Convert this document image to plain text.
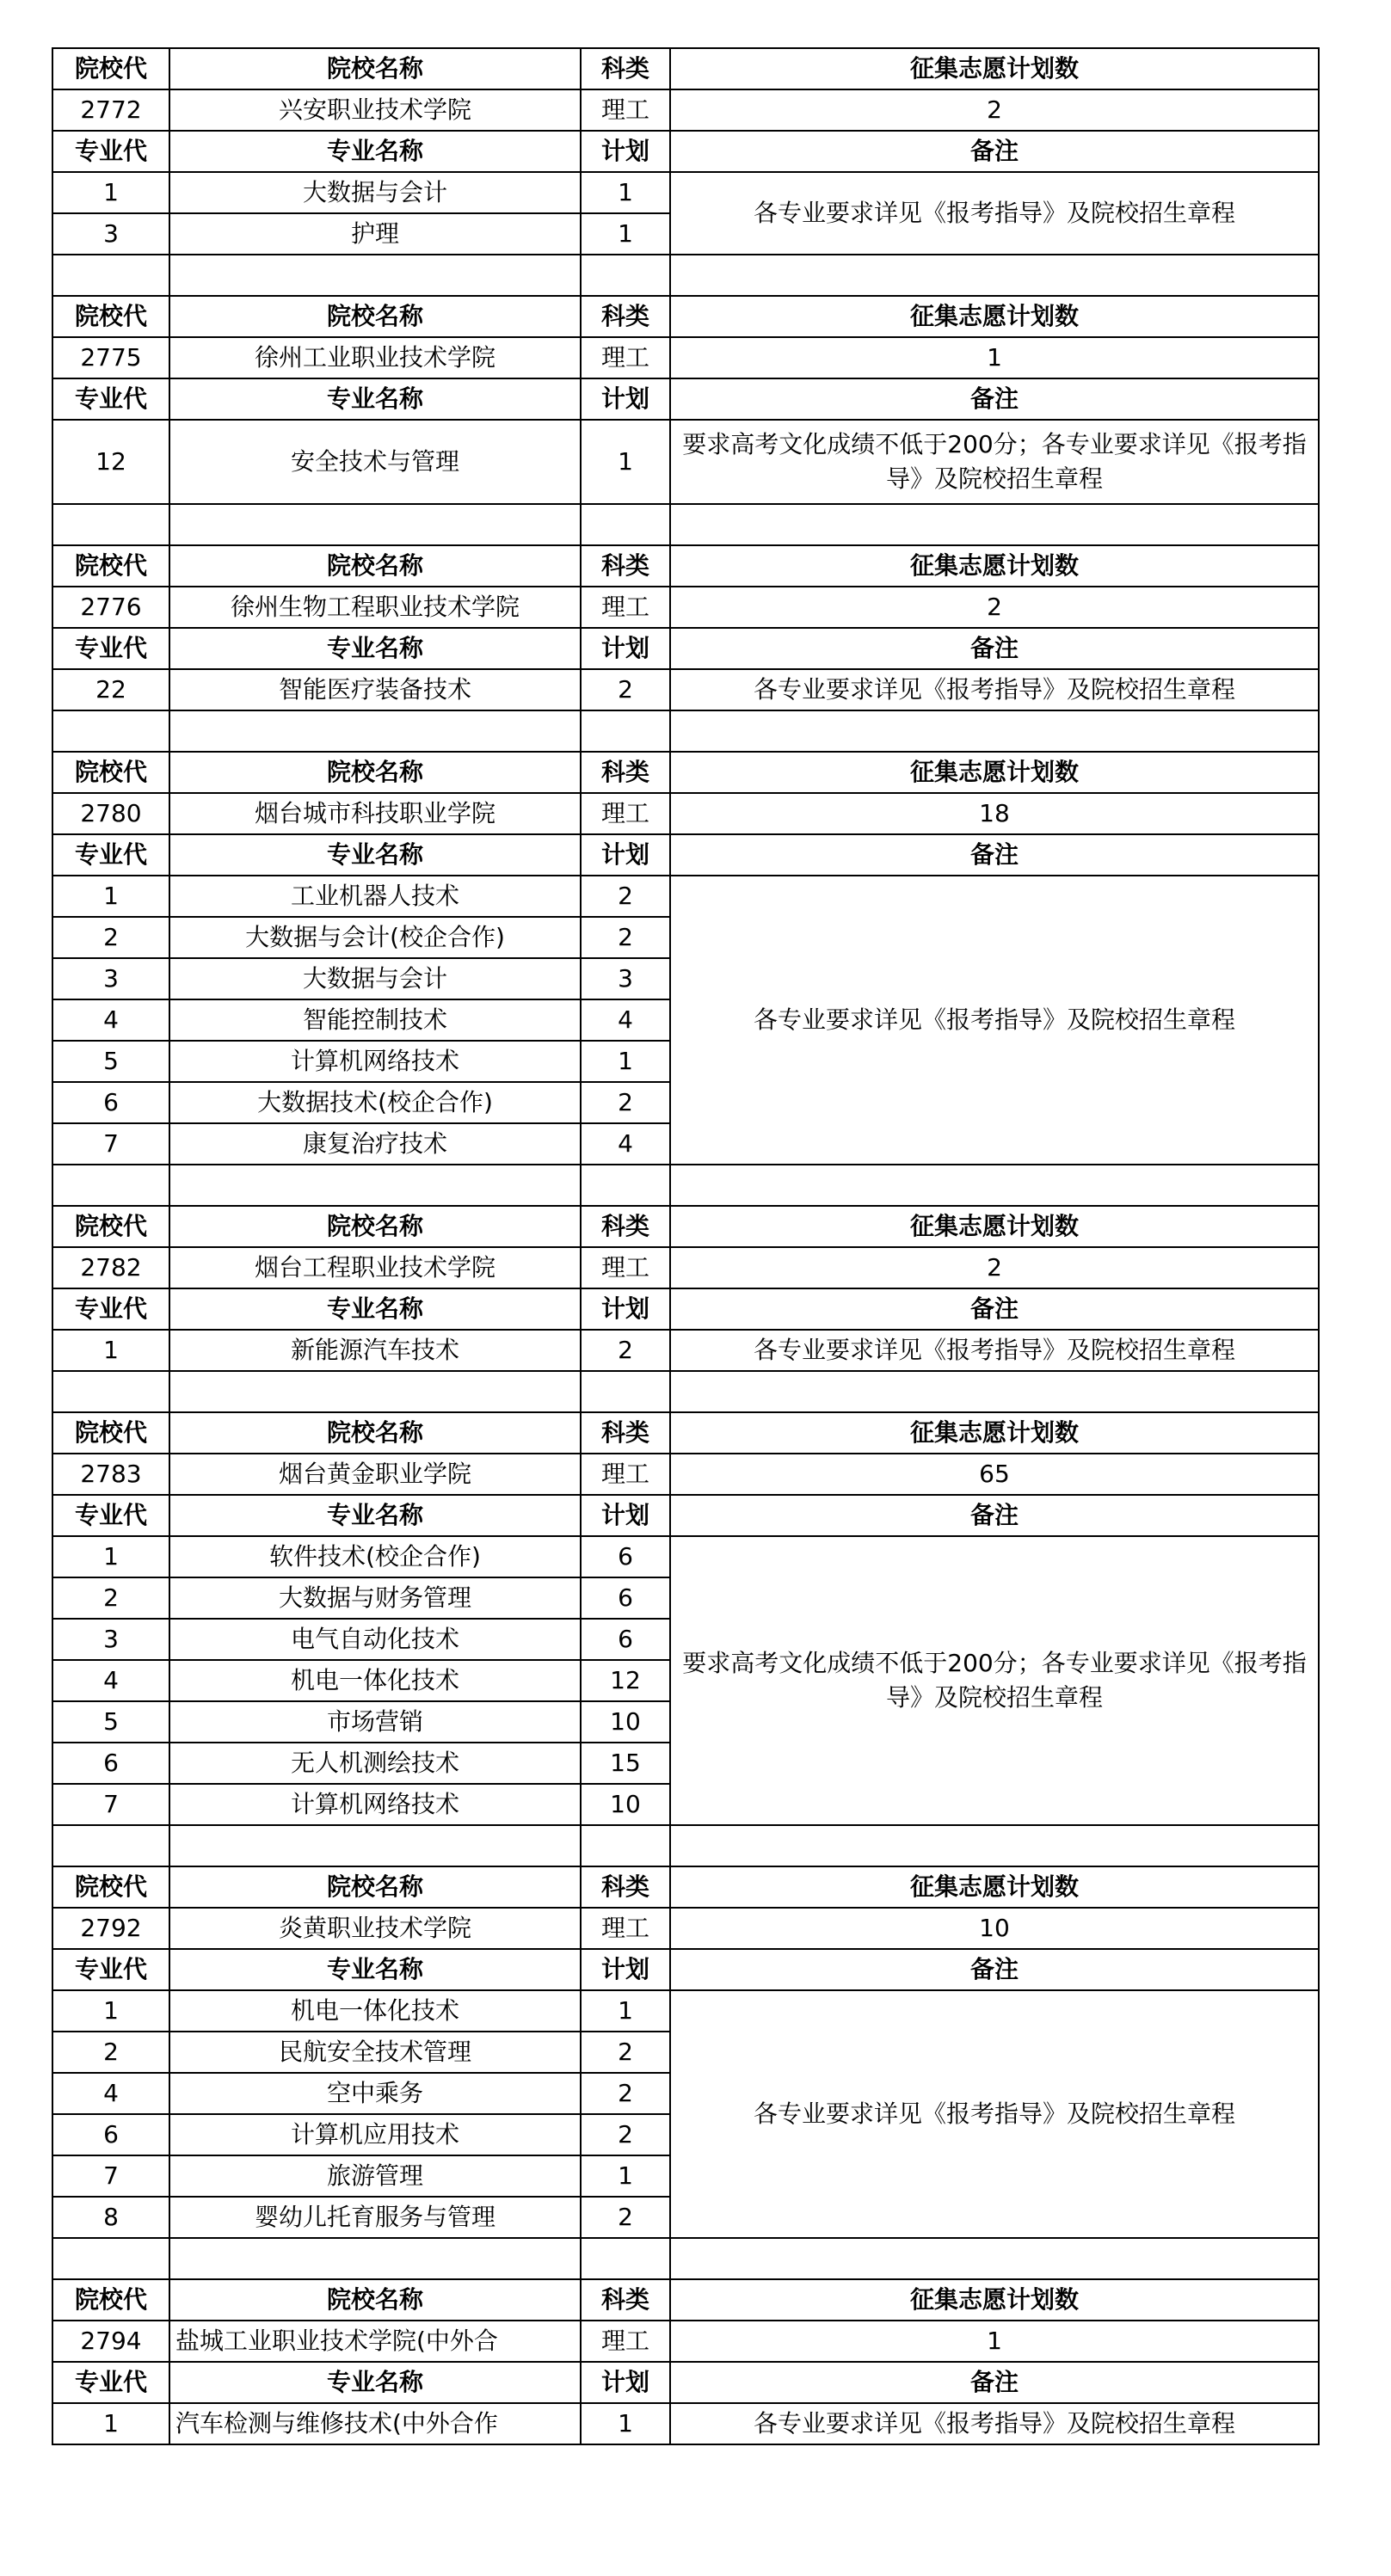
院校代	院校名称	科类	征集志愿计划数
2772	兴安职业技术学院	理工	2
专业代	专业名称	计划	备注
1	大数据与会计	1	各专业要求详见《报考指导》及院校招生章程
3	护理	1	

院校代	院校名称	科类	征集志愿计划数
2775	徐州工业职业技术学院	理工	1
专业代	专业名称	计划	备注
12	安全技术与管理	1	要求高考文化成绩不低于200分；各专业要求详见《报考指导》及院校招生章程

院校代	院校名称	科类	征集志愿计划数
2776	徐州生物工程职业技术学院	理工	2
专业代	专业名称	计划	备注
22	智能医疗装备技术	2	各专业要求详见《报考指导》及院校招生章程

院校代	院校名称	科类	征集志愿计划数
2780	烟台城市科技职业学院	理工	18
专业代	专业名称	计划	备注
1	工业机器人技术	2	各专业要求详见《报考指导》及院校招生章程
2	大数据与会计(校企合作)	2	
3	大数据与会计	3	
4	智能控制技术	4	
5	计算机网络技术	1	
6	大数据技术(校企合作)	2	
7	康复治疗技术	4	

院校代	院校名称	科类	征集志愿计划数
2782	烟台工程职业技术学院	理工	2
专业代	专业名称	计划	备注
1	新能源汽车技术	2	各专业要求详见《报考指导》及院校招生章程

院校代	院校名称	科类	征集志愿计划数
2783	烟台黄金职业学院	理工	65
专业代	专业名称	计划	备注
1	软件技术(校企合作)	6	要求高考文化成绩不低于200分；各专业要求详见《报考指导》及院校招生章程
2	大数据与财务管理	6	
3	电气自动化技术	6	
4	机电一体化技术	12	
5	市场营销	10	
6	无人机测绘技术	15	
7	计算机网络技术	10	

院校代	院校名称	科类	征集志愿计划数
2792	炎黄职业技术学院	理工	10
专业代	专业名称	计划	备注
1	机电一体化技术	1	各专业要求详见《报考指导》及院校招生章程
2	民航安全技术管理	2	
4	空中乘务	2	
6	计算机应用技术	2	
7	旅游管理	1	
8	婴幼儿托育服务与管理	2	

院校代	院校名称	科类	征集志愿计划数
2794	盐城工业职业技术学院(中外合	理工	1
专业代	专业名称	计划	备注
1	汽车检测与维修技术(中外合作	1	各专业要求详见《报考指导》及院校招生章程
